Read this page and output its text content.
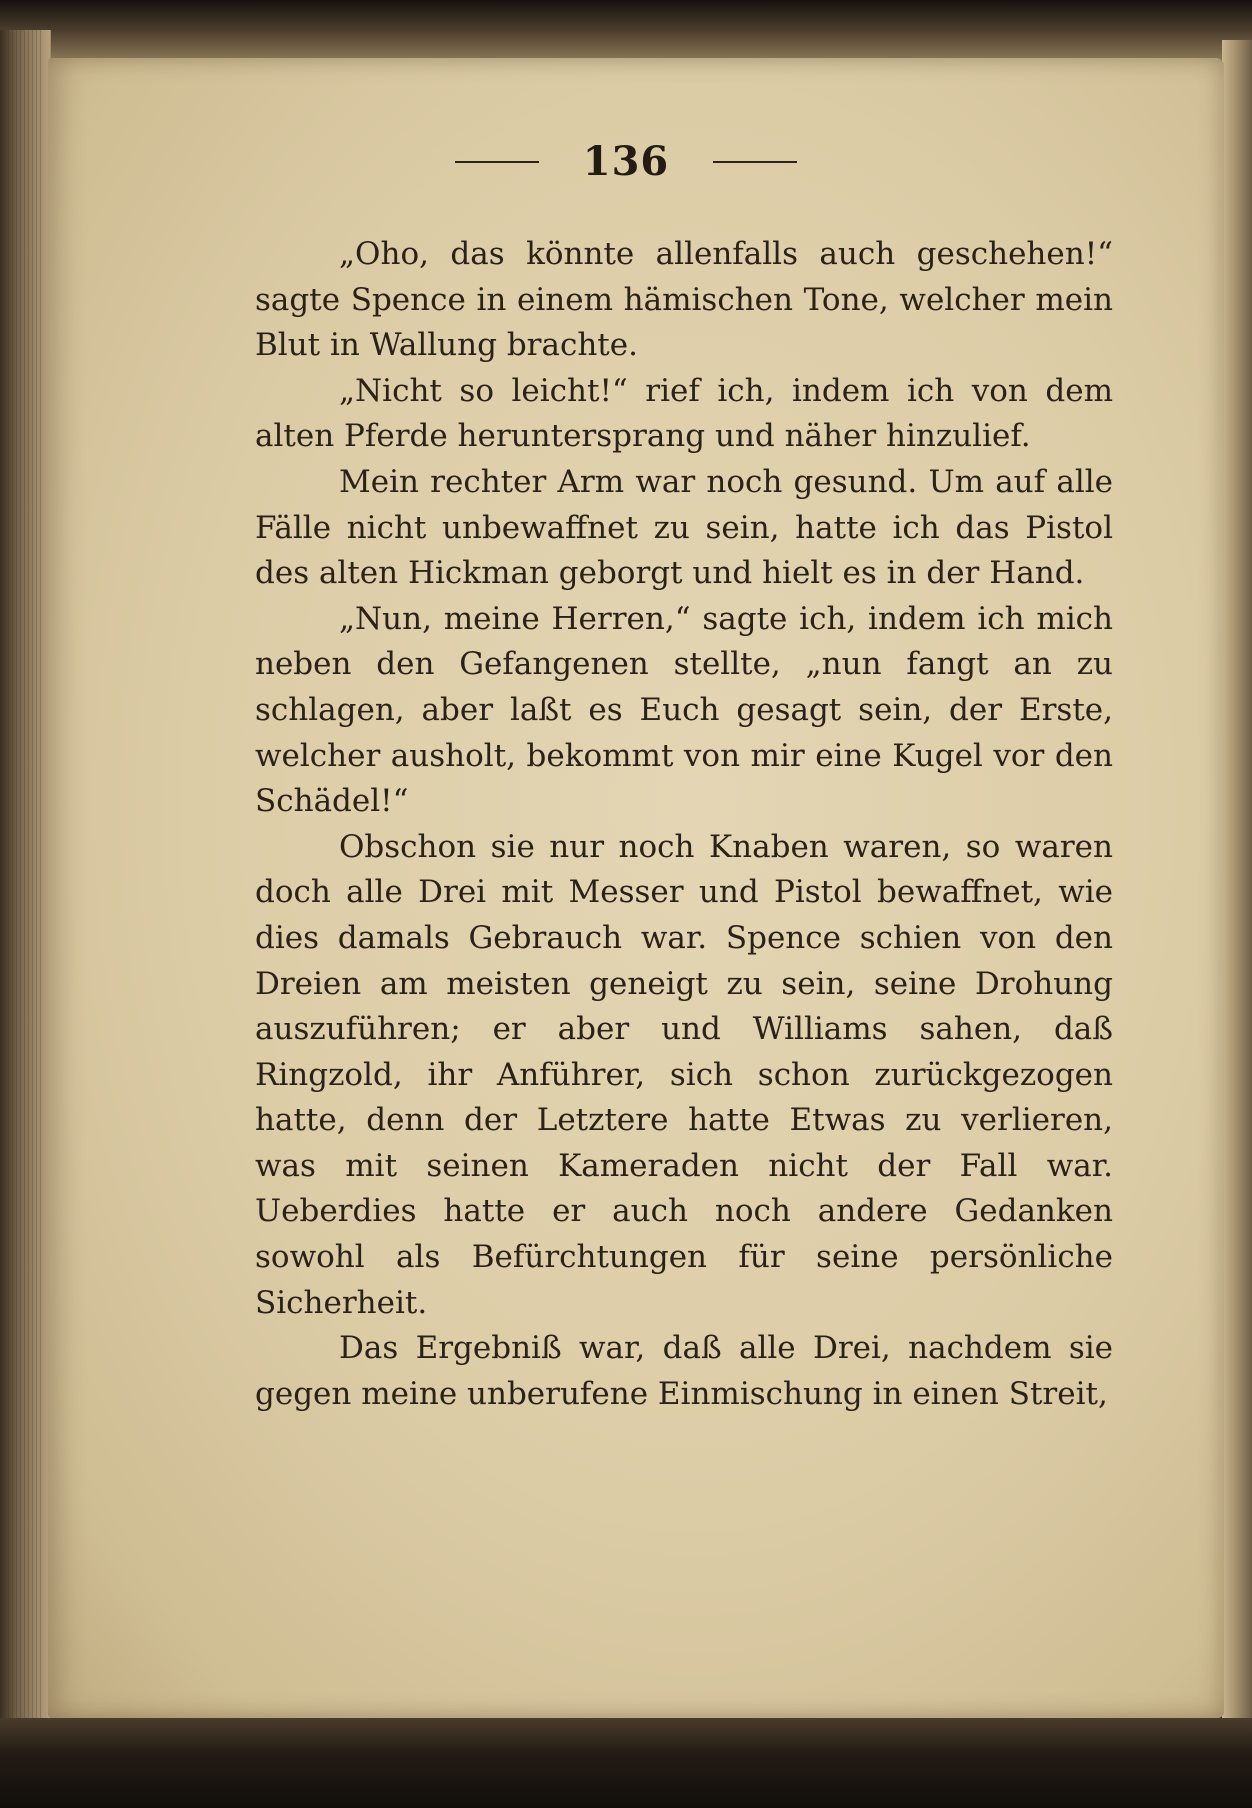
136

„Oho, das könnte allenfalls auch geschehen!“ sagte Spence in einem hämischen Tone, welcher mein Blut in Wallung brachte.

„Nicht so leicht!“ rief ich, indem ich von dem alten Pferde heruntersprang und näher hinzulief.

Mein rechter Arm war noch gesund. Um auf alle Fälle nicht unbewaffnet zu sein, hatte ich das Pistol des alten Hickman geborgt und hielt es in der Hand.

„Nun, meine Herren,“ sagte ich, indem ich mich neben den Gefangenen stellte, „nun fangt an zu schlagen, aber laßt es Euch gesagt sein, der Erste, welcher ausholt, bekommt von mir eine Kugel vor den Schädel!“

Obschon sie nur noch Knaben waren, so waren doch alle Drei mit Messer und Pistol bewaffnet, wie dies damals Gebrauch war. Spence schien von den Dreien am meisten geneigt zu sein, seine Drohung auszuführen; er aber und Williams sahen, daß Ringzold, ihr Anführer, sich schon zurückgezogen hatte, denn der Letztere hatte Etwas zu verlieren, was mit seinen Kameraden nicht der Fall war. Ueberdies hatte er auch noch andere Gedanken sowohl als Befürchtungen für seine persönliche Sicherheit.

Das Ergebniß war, daß alle Drei, nachdem sie gegen meine unberufene Einmischung in einen Streit,
